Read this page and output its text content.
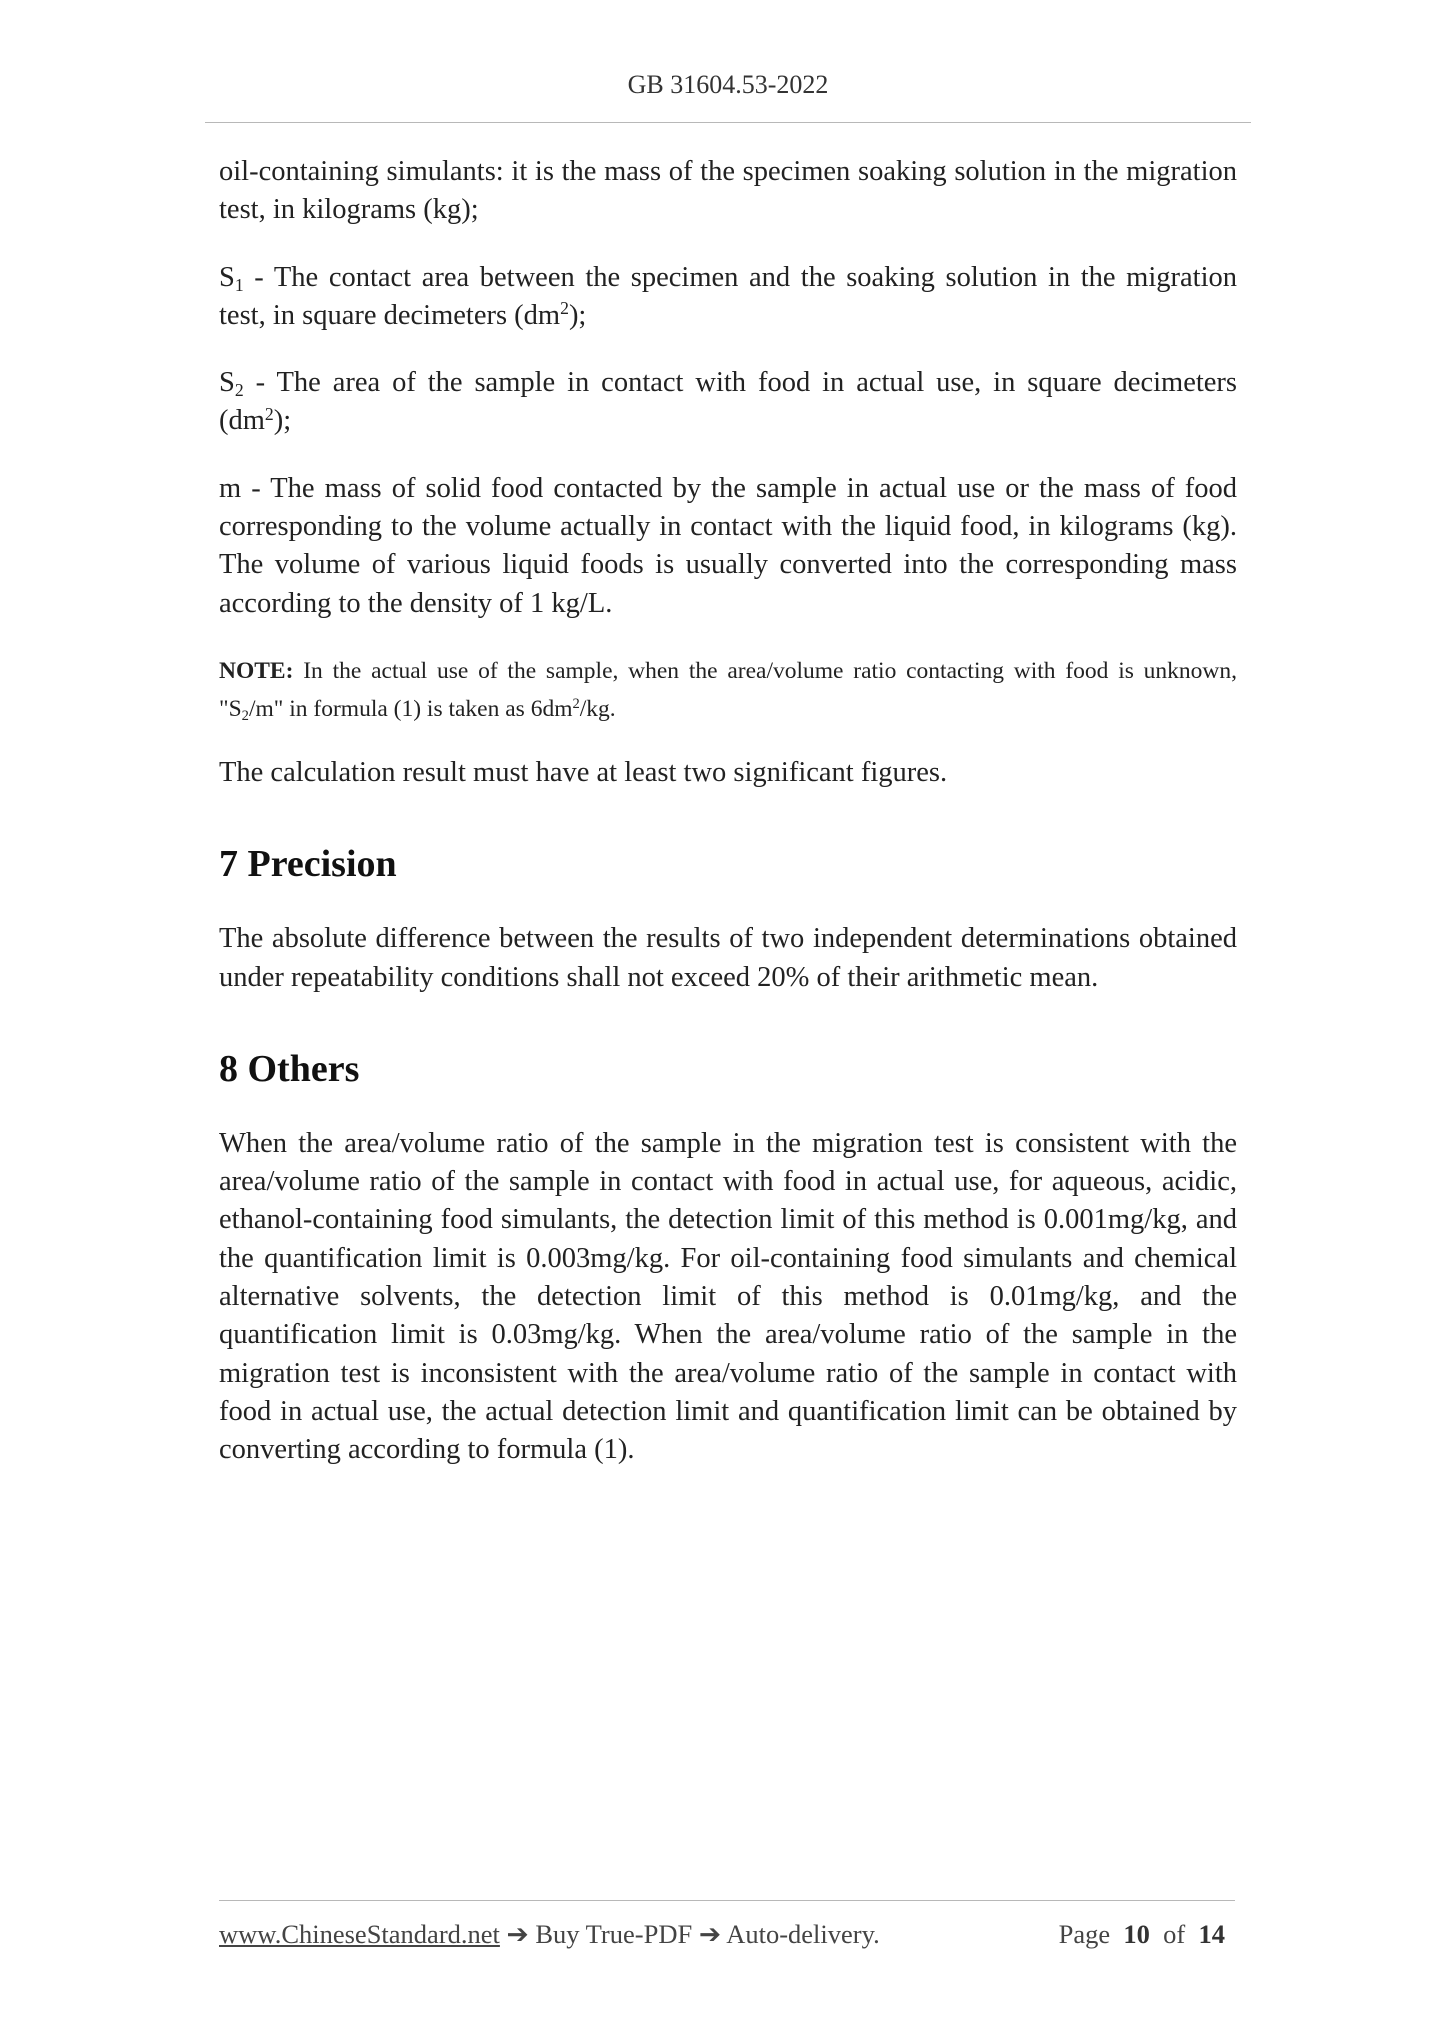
GB 31604.53-2022

oil-containing simulants: it is the mass of the specimen soaking solution in the migration test, in kilograms (kg);

$S_1$ - The contact area between the specimen and the soaking solution in the migration test, in square decimeters $(dm^2)$;

$S_2$ - The area of the sample in contact with food in actual use, in square decimeters $(dm^2)$;

m - The mass of solid food contacted by the sample in actual use or the mass of food corresponding to the volume actually in contact with the liquid food, in kilograms (kg). The volume of various liquid foods is usually converted into the corresponding mass according to the density of 1 kg/L.

NOTE: In the actual use of the sample, when the area/volume ratio contacting with food is unknown, "$S_2/m$" in formula (1) is taken as $6dm^2/kg$.

The calculation result must have at least two significant figures.

7 Precision

The absolute difference between the results of two independent determinations obtained under repeatability conditions shall not exceed 20% of their arithmetic mean.

8 Others

When the area/volume ratio of the sample in the migration test is consistent with the area/volume ratio of the sample in contact with food in actual use, for aqueous, acidic, ethanol-containing food simulants, the detection limit of this method is 0.001mg/kg, and the quantification limit is 0.003mg/kg. For oil-containing food simulants and chemical alternative solvents, the detection limit of this method is 0.01mg/kg, and the quantification limit is 0.03mg/kg. When the area/volume ratio of the sample in the migration test is inconsistent with the area/volume ratio of the sample in contact with food in actual use, the actual detection limit and quantification limit can be obtained by converting according to formula (1).

www.ChineseStandard.net ➔ Buy True-PDF ➔ Auto-delivery.	Page 10 of 14
